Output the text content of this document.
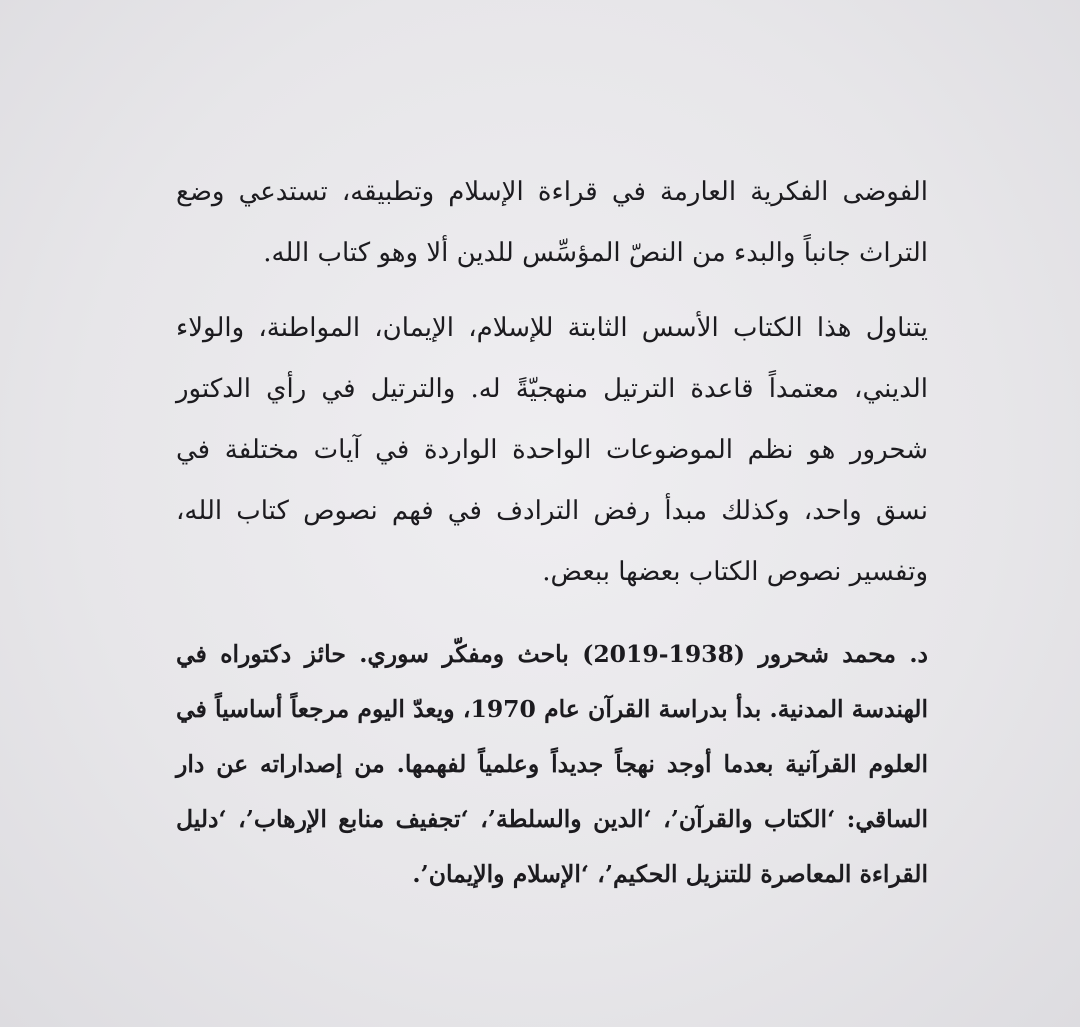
الفوضى الفكرية العارمة في قراءة الإسلام وتطبيقه، تستدعي وضع التراث جانباً والبدء من النصّ المؤسِّس للدين ألا وهو كتاب الله.

يتناول هذا الكتاب الأسس الثابتة للإسلام، الإيمان، المواطنة، والولاء الديني، معتمداً قاعدة الترتيل منهجيّةً له. والترتيل في رأي الدكتور شحرور هو نظم الموضوعات الواحدة الواردة في آيات مختلفة في نسق واحد، وكذلك مبدأ رفض الترادف في فهم نصوص كتاب الله، وتفسير نصوص الكتاب بعضها ببعض.

د. محمد شحرور (1938-2019) باحث ومفكّر سوري. حائز دكتوراه في الهندسة المدنية. بدأ بدراسة القرآن عام 1970، ويعدّ اليوم مرجعاً أساسياً في العلوم القرآنية بعدما أوجد نهجاً جديداً وعلمياً لفهمها. من إصداراته عن دار الساقي: ‘الكتاب والقرآن’، ‘الدين والسلطة’، ‘تجفيف منابع الإرهاب’، ‘دليل القراءة المعاصرة للتنزيل الحكيم’، ‘الإسلام والإيمان’.
